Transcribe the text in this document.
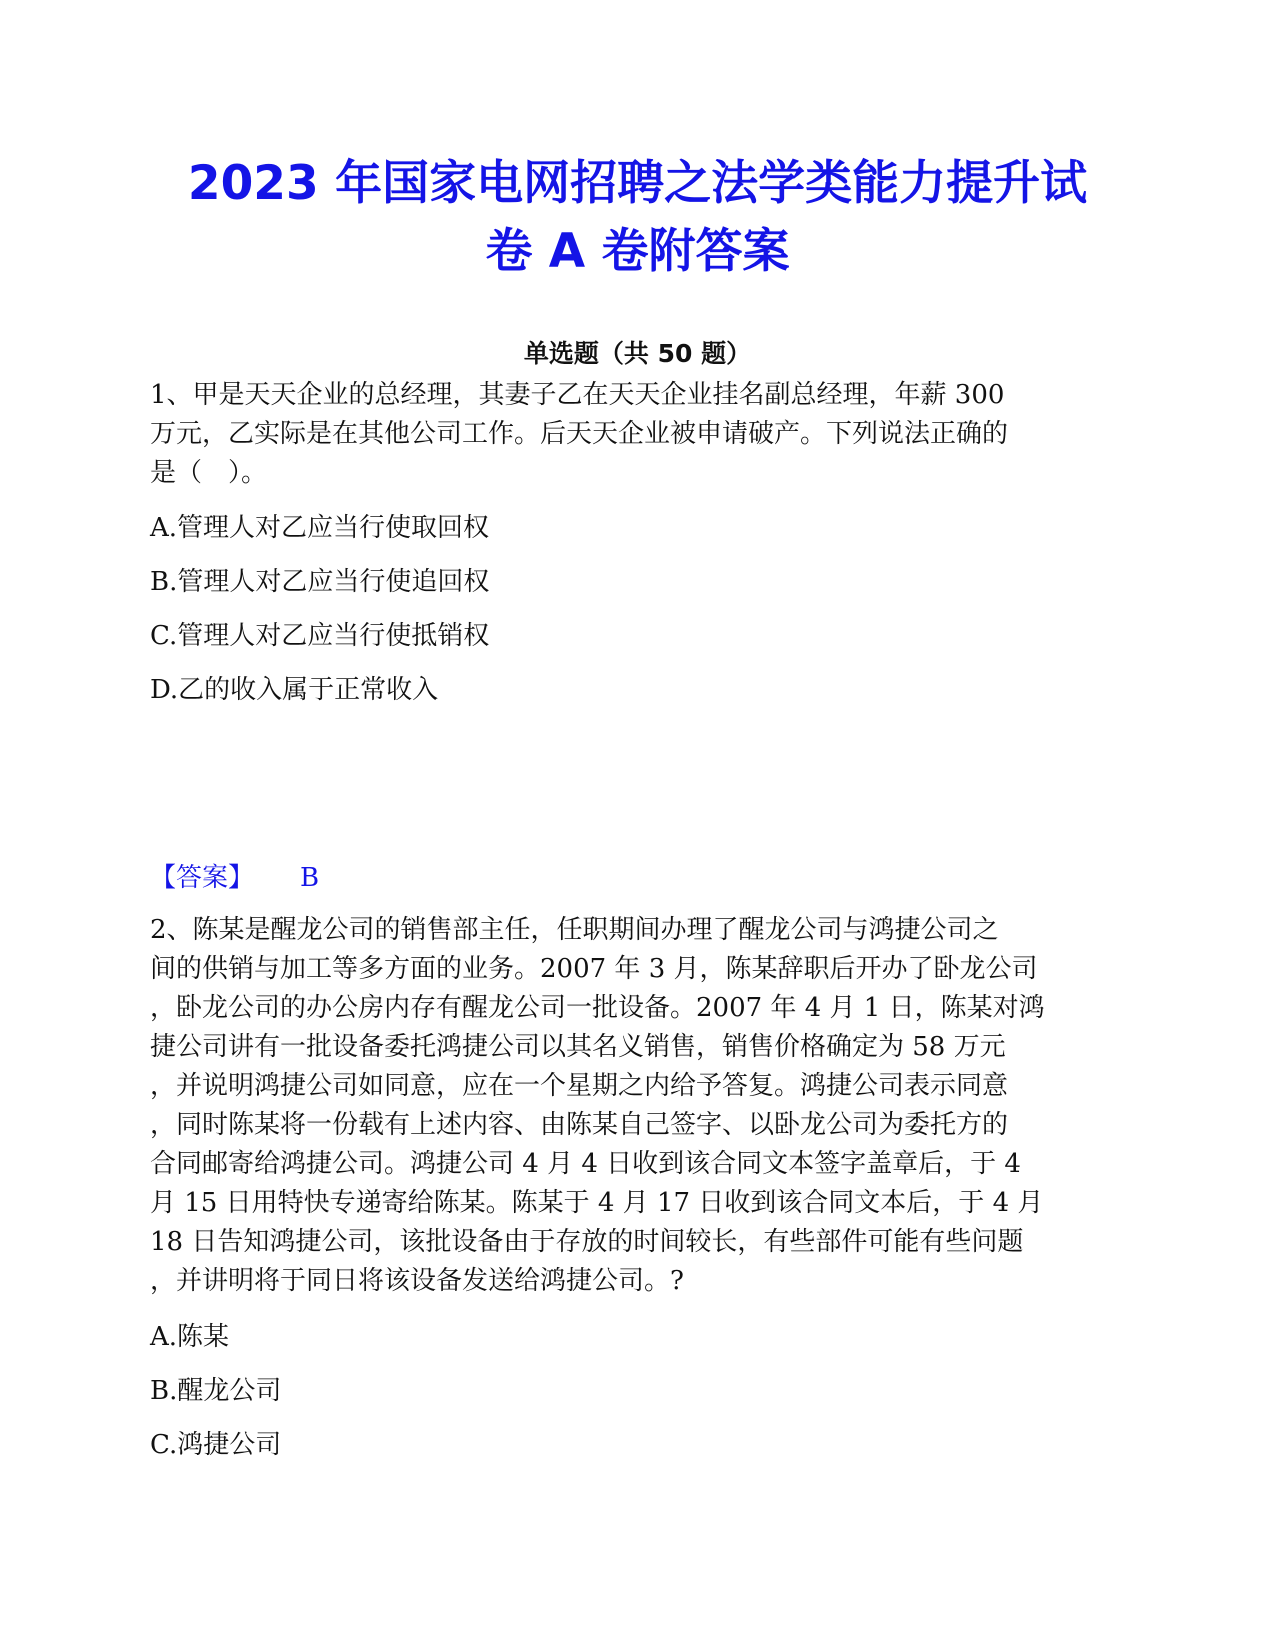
2023 年国家电网招聘之法学类能力提升试
卷 A 卷附答案
单选题（共 50 题）
1、甲是天天企业的总经理，其妻子乙在天天企业挂名副总经理，年薪 300
万元，乙实际是在其他公司工作。后天天企业被申请破产。下列说法正确的
是（　）。
A.管理人对乙应当行使取回权
B.管理人对乙应当行使追回权
C.管理人对乙应当行使抵销权
D.乙的收入属于正常收入
【答案】 B
2、陈某是醒龙公司的销售部主任，任职期间办理了醒龙公司与鸿捷公司之
间的供销与加工等多方面的业务。2007 年 3 月，陈某辞职后开办了卧龙公司
，卧龙公司的办公房内存有醒龙公司一批设备。2007 年 4 月 1 日，陈某对鸿
捷公司讲有一批设备委托鸿捷公司以其名义销售，销售价格确定为 58 万元
，并说明鸿捷公司如同意，应在一个星期之内给予答复。鸿捷公司表示同意
，同时陈某将一份载有上述内容、由陈某自己签字、以卧龙公司为委托方的
合同邮寄给鸿捷公司。鸿捷公司 4 月 4 日收到该合同文本签字盖章后，于 4
月 15 日用特快专递寄给陈某。陈某于 4 月 17 日收到该合同文本后，于 4 月
18 日告知鸿捷公司，该批设备由于存放的时间较长，有些部件可能有些问题
，并讲明将于同日将该设备发送给鸿捷公司。?
A.陈某
B.醒龙公司
C.鸿捷公司
